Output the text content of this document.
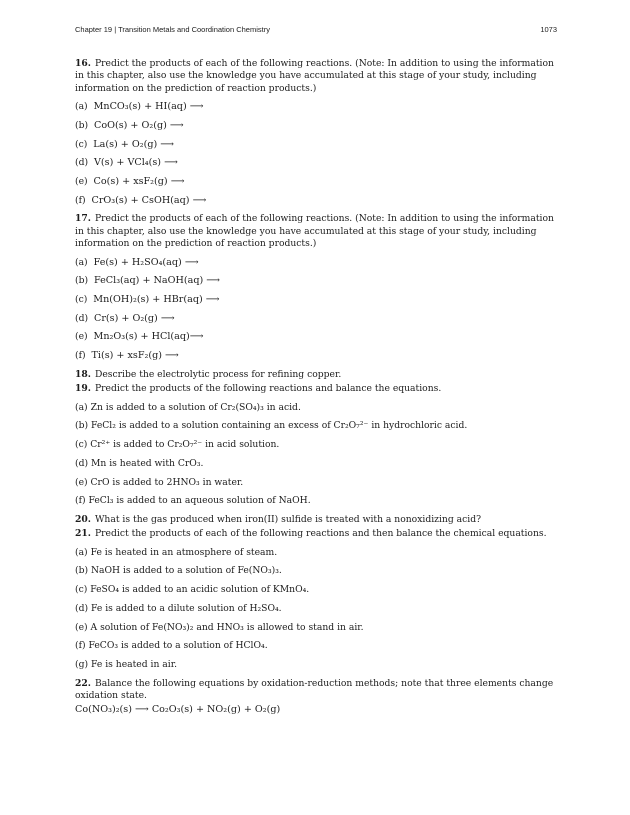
Chapter 19 | Transition Metals and Coordination Chemistry	1073

16. Predict the products of each of the following reactions. (Note: In addition to using the information in this chapter, also use the knowledge you have accumulated at this stage of your study, including information on the prediction of reaction products.)

(a) MnCO₃(s) + HI(aq) ⟶
(b) CoO(s) + O₂(g) ⟶
(c) La(s) + O₂(g) ⟶
(d) V(s) + VCl₄(s) ⟶
(e) Co(s) + xsF₂(g) ⟶
(f) CrO₃(s) + CsOH(aq) ⟶

17. Predict the products of each of the following reactions. (Note: In addition to using the information in this chapter, also use the knowledge you have accumulated at this stage of your study, including information on the prediction of reaction products.)

(a) Fe(s) + H₂SO₄(aq) ⟶
(b) FeCl₃(aq) + NaOH(aq) ⟶
(c) Mn(OH)₂(s) + HBr(aq) ⟶
(d) Cr(s) + O₂(g) ⟶
(e) Mn₂O₃(s) + HCl(aq)⟶
(f) Ti(s) + xsF₂(g) ⟶

18. Describe the electrolytic process for refining copper.

19. Predict the products of the following reactions and balance the equations.

(a) Zn is added to a solution of Cr₂(SO₄)₃ in acid.
(b) FeCl₂ is added to a solution containing an excess of Cr₂O₇²⁻ in hydrochloric acid.
(c) Cr²⁺ is added to Cr₂O₇²⁻ in acid solution.
(d) Mn is heated with CrO₃.
(e) CrO is added to 2HNO₃ in water.
(f) FeCl₃ is added to an aqueous solution of NaOH.

20. What is the gas produced when iron(II) sulfide is treated with a nonoxidizing acid?

21. Predict the products of each of the following reactions and then balance the chemical equations.

(a) Fe is heated in an atmosphere of steam.
(b) NaOH is added to a solution of Fe(NO₃)₃.
(c) FeSO₄ is added to an acidic solution of KMnO₄.
(d) Fe is added to a dilute solution of H₂SO₄.
(e) A solution of Fe(NO₃)₂ and HNO₃ is allowed to stand in air.
(f) FeCO₃ is added to a solution of HClO₄.
(g) Fe is heated in air.

22. Balance the following equations by oxidation-reduction methods; note that three elements change oxidation state.

Co(NO₃)₂(s) ⟶ Co₂O₃(s) + NO₂(g) + O₂(g)
